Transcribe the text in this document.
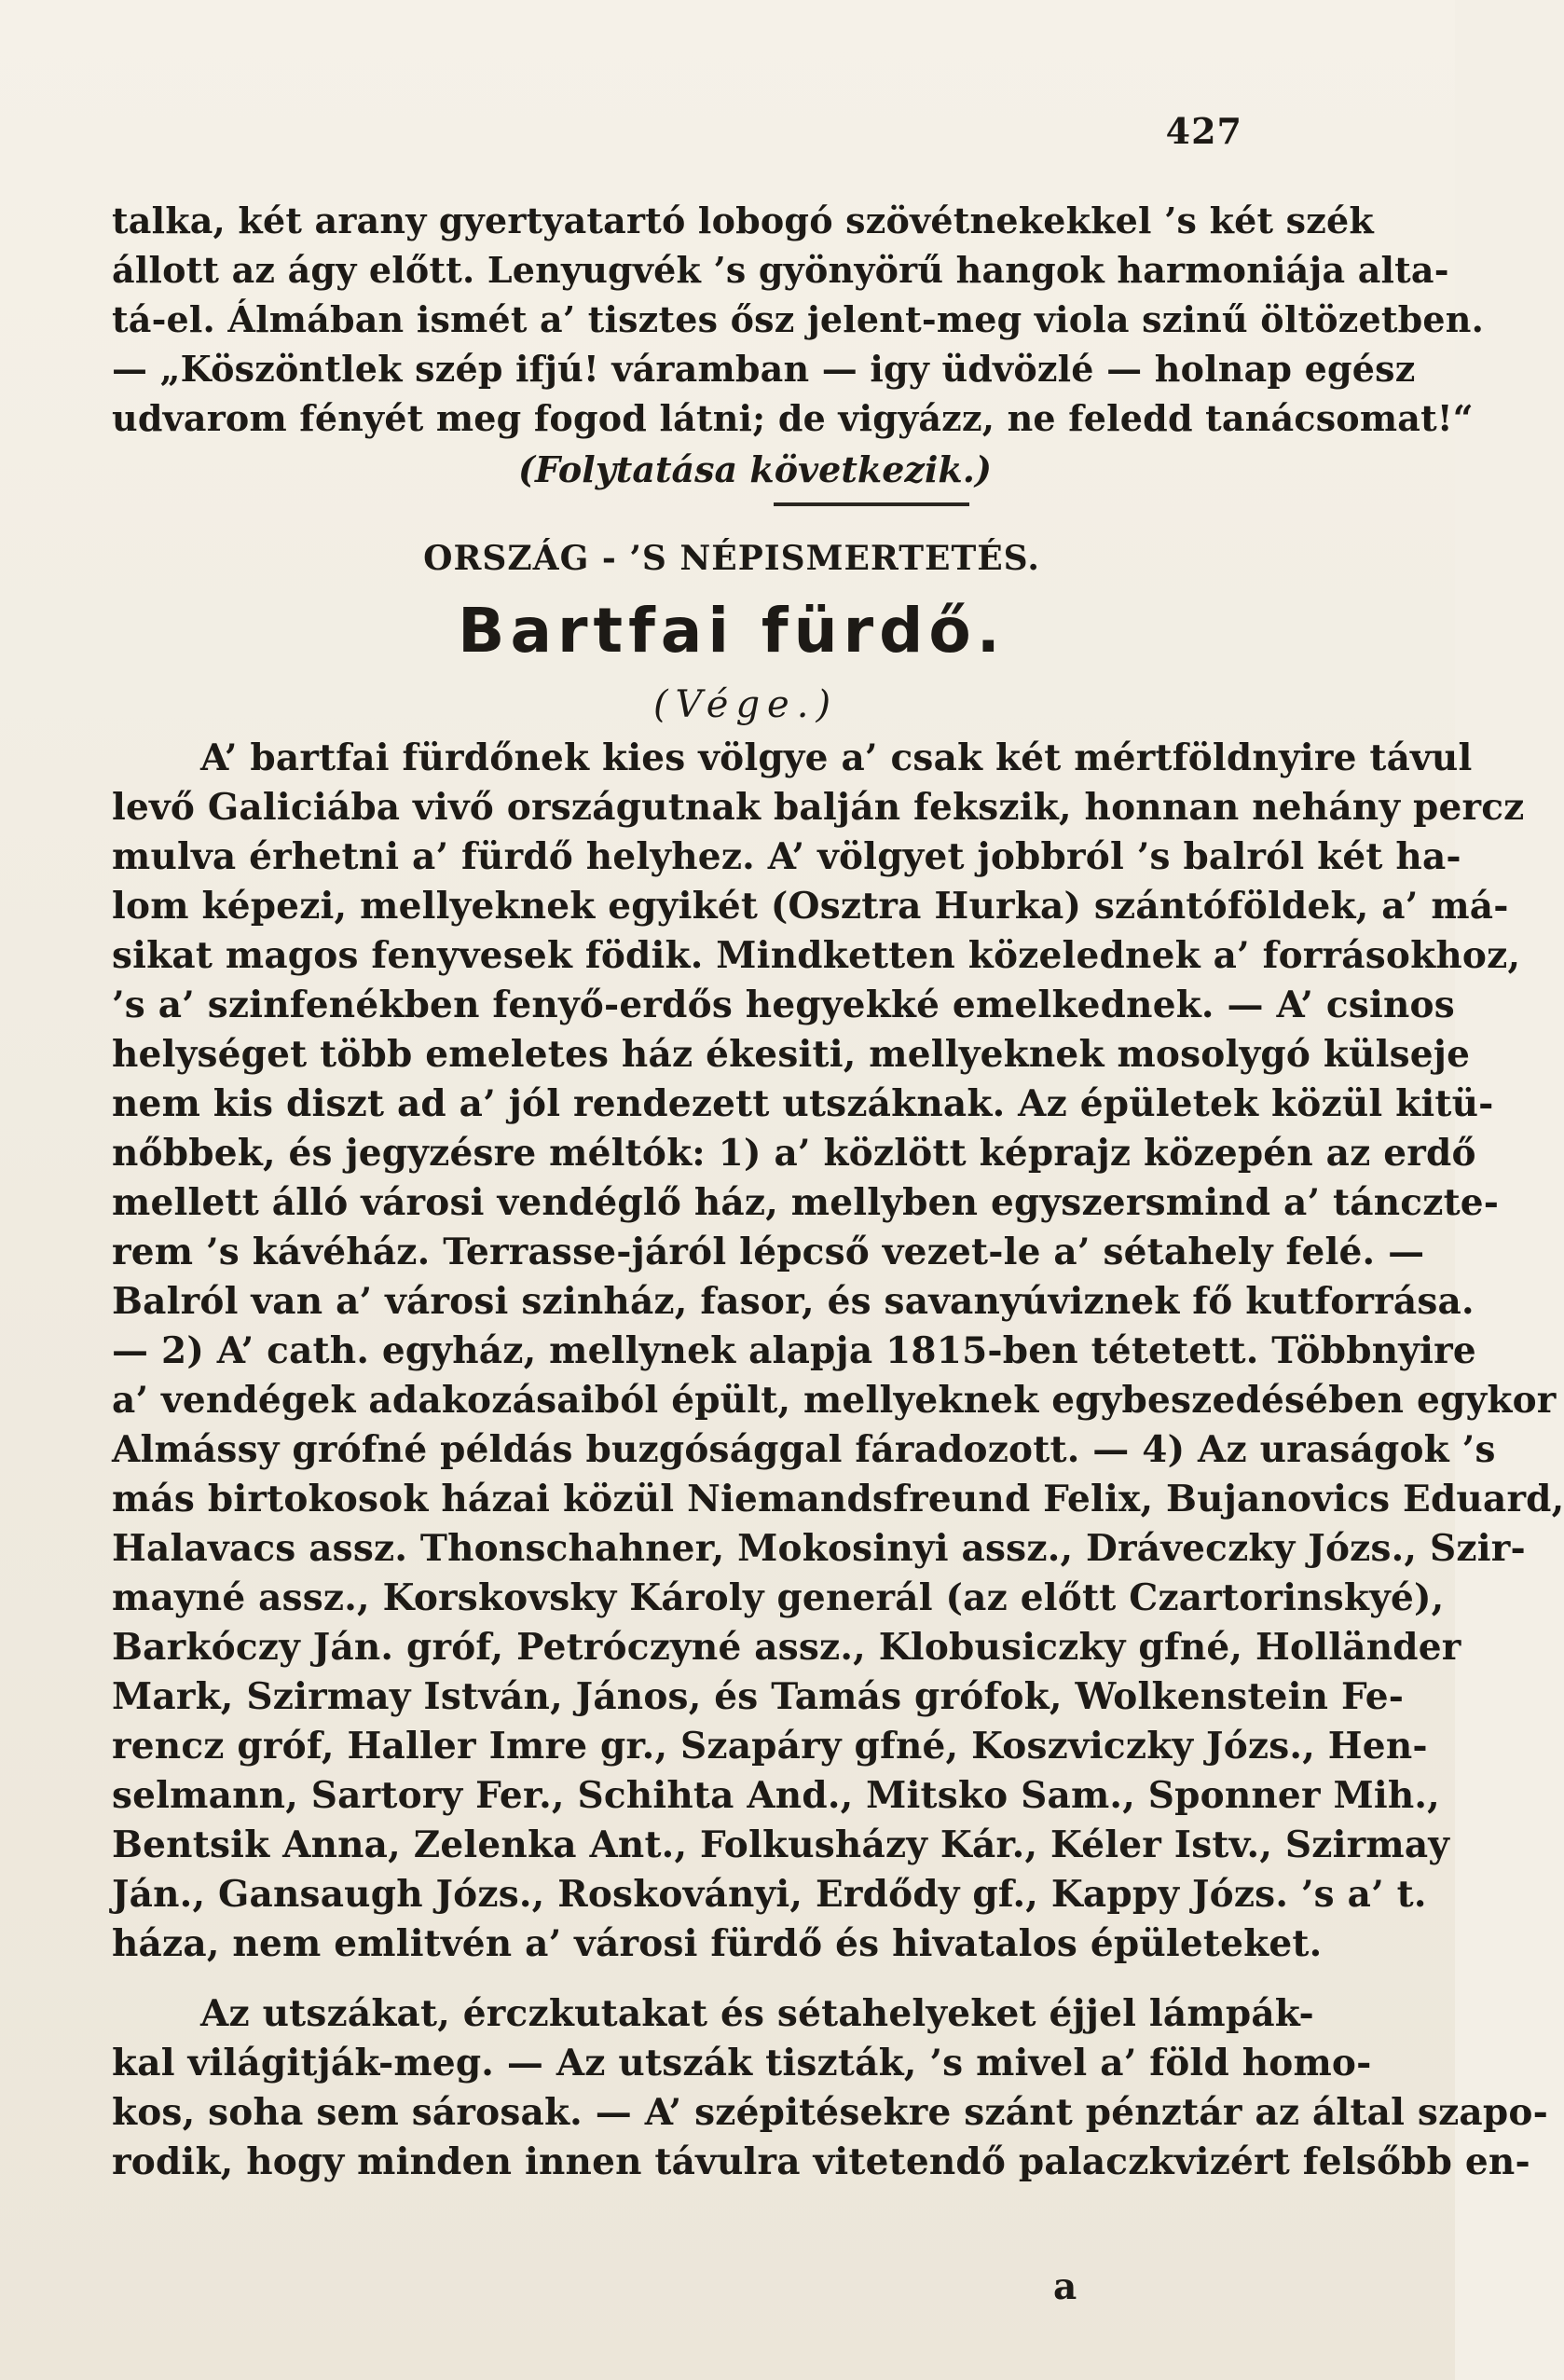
427
talka, két arany gyertyatartó lobogó szövétnekekkel ’s két szék
állott az ágy előtt. Lenyugvék ’s gyönyörű hangok harmoniája alta-
tá-el. Álmában ismét a’ tisztes ősz jelent-meg viola szinű öltözetben.
— „Köszöntlek szép ifjú! váramban — igy üdvözlé — holnap egész
udvarom fényét meg fogod látni; de vigyázz, ne feledd tanácsomat!“
(Folytatása következik.)
ORSZÁG - ’S NÉPISMERTETÉS.
Bartfai fürdő.
(Vége.)
A’ bartfai fürdőnek kies völgye a’ csak két mértföldnyire távul
levő Galiciába vivő országutnak balján fekszik, honnan nehány percz
mulva érhetni a’ fürdő helyhez. A’ völgyet jobbról ’s balról két ha-
lom képezi, mellyeknek egyikét (Osztra Hurka) szántóföldek, a’ má-
sikat magos fenyvesek födik. Mindketten közelednek a’ forrásokhoz,
’s a’ szinfenékben fenyő-erdős hegyekké emelkednek. — A’ csinos
helységet több emeletes ház ékesiti, mellyeknek mosolygó külseje
nem kis diszt ad a’ jól rendezett utszáknak. Az épületek közül kitü-
nőbbek, és jegyzésre méltók: 1) a’ közlött képrajz közepén az erdő
mellett álló városi vendéglő ház, mellyben egyszersmind a’ tánczte-
rem ’s kávéház. Terrasse-járól lépcső vezet-le a’ sétahely felé. —
Balról van a’ városi szinház, fasor, és savanyúviznek fő kutforrása.
— 2) A’ cath. egyház, mellynek alapja 1815-ben tétetett. Többnyire
a’ vendégek adakozásaiból épült, mellyeknek egybeszedésében egykor
Almássy grófné példás buzgósággal fáradozott. — 4) Az uraságok ’s
más birtokosok házai közül Niemandsfreund Felix, Bujanovics Eduard,
Halavacs assz. Thonschahner, Mokosinyi assz., Dráveczky Józs., Szir-
mayné assz., Korskovsky Károly generál (az előtt Czartorinskyé),
Barkóczy Ján. gróf, Petróczyné assz., Klobusiczky gfné, Holländer
Mark, Szirmay István, János, és Tamás grófok, Wolkenstein Fe-
rencz gróf, Haller Imre gr., Szapáry gfné, Koszviczky Józs., Hen-
selmann, Sartory Fer., Schihta And., Mitsko Sam., Sponner Mih.,
Bentsik Anna, Zelenka Ant., Folkusházy Kár., Kéler Istv., Szirmay
Ján., Gansaugh Józs., Roskoványi, Erdődy gf., Kappy Józs. ’s a’ t.
háza, nem emlitvén a’ városi fürdő és hivatalos épületeket.
Az utszákat, érczkutakat és sétahelyeket éjjel lámpák-
kal világitják-meg. — Az utszák tiszták, ’s mivel a’ föld homo-
kos, soha sem sárosak. — A’ szépitésekre szánt pénztár az által szapo-
rodik, hogy minden innen távulra vitetendő palaczkvizért felsőbb en-
a
